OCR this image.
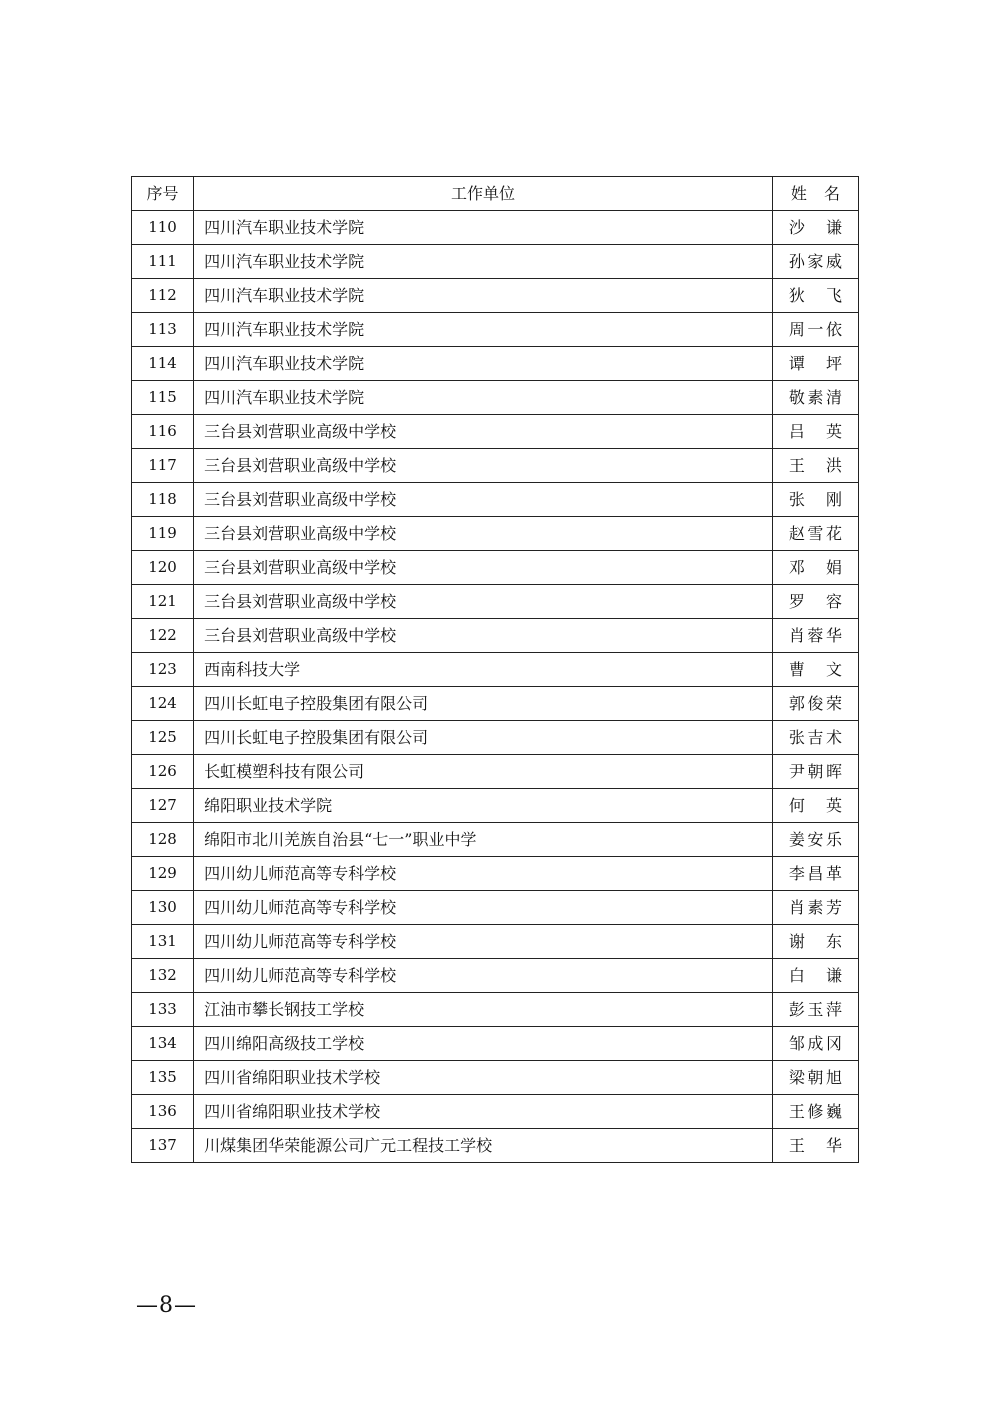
序号	工作单位	姓　名
110	四川汽车职业技术学院	沙　谦
111	四川汽车职业技术学院	孙家威
112	四川汽车职业技术学院	狄　飞
113	四川汽车职业技术学院	周一依
114	四川汽车职业技术学院	谭　坪
115	四川汽车职业技术学院	敬素清
116	三台县刘营职业高级中学校	吕　英
117	三台县刘营职业高级中学校	王　洪
118	三台县刘营职业高级中学校	张　刚
119	三台县刘营职业高级中学校	赵雪花
120	三台县刘营职业高级中学校	邓　娟
121	三台县刘营职业高级中学校	罗　容
122	三台县刘营职业高级中学校	肖蓉华
123	西南科技大学	曹　文
124	四川长虹电子控股集团有限公司	郭俊荣
125	四川长虹电子控股集团有限公司	张吉术
126	长虹模塑科技有限公司	尹朝晖
127	绵阳职业技术学院	何　英
128	绵阳市北川羌族自治县“七一”职业中学	姜安乐
129	四川幼儿师范高等专科学校	李昌革
130	四川幼儿师范高等专科学校	肖素芳
131	四川幼儿师范高等专科学校	谢　东
132	四川幼儿师范高等专科学校	白　谦
133	江油市攀长钢技工学校	彭玉萍
134	四川绵阳高级技工学校	邹成冈
135	四川省绵阳职业技术学校	梁朝旭
136	四川省绵阳职业技术学校	王修巍
137	川煤集团华荣能源公司广元工程技工学校	王　华
—8—
